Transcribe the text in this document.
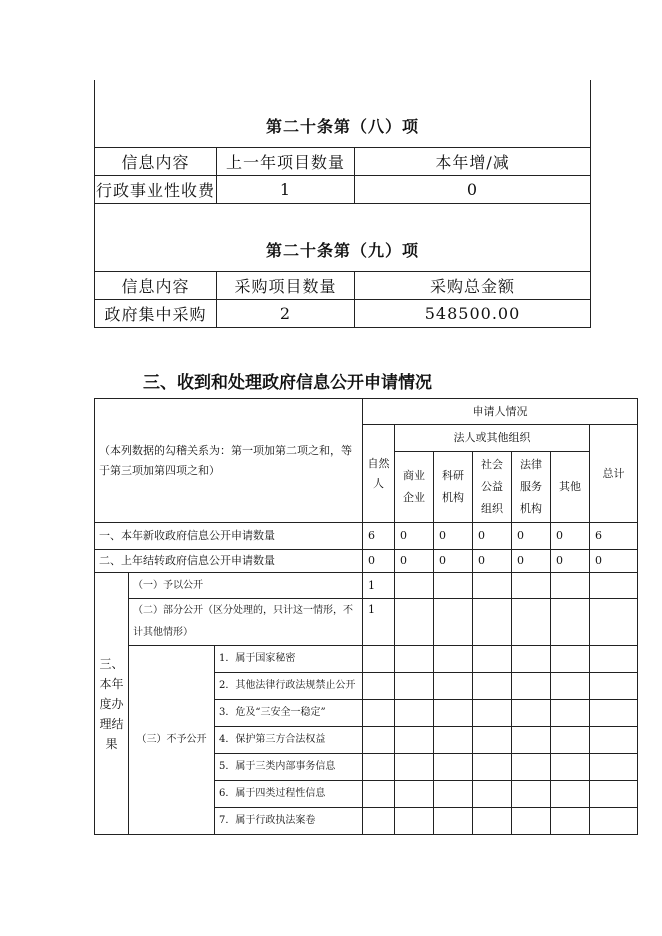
第二十条第（八）项		
信息内容	上一年项目数量	本年增/减
行政事业性收费	1	0
第二十条第（九）项		
信息内容	采购项目数量	采购总金额
政府集中采购	2	548500.00
三、收到和处理政府信息公开申请情况
（本列数据的勾稽关系为：第一项加第二项之和，等于第三项加第四项之和）			申请人情况						
			自然人	法人或其他组织					总计
				商业企业	科研机构	社会公益组织	法律服务机构	其他	
一、本年新收政府信息公开申请数量			6	0	0	0	0	0	6
二、上年结转政府信息公开申请数量			0	0	0	0	0	0	0
三、本年度办理结果	（一）予以公开		1						
	（二）部分公开（区分处理的，只计这一情形，不计其他情形）		1						
	（三）不予公开	1．属于国家秘密							
		2．其他法律行政法规禁止公开							
		3．危及“三安全一稳定”							
		4．保护第三方合法权益							
		5．属于三类内部事务信息							
		6．属于四类过程性信息							
		7．属于行政执法案卷							
